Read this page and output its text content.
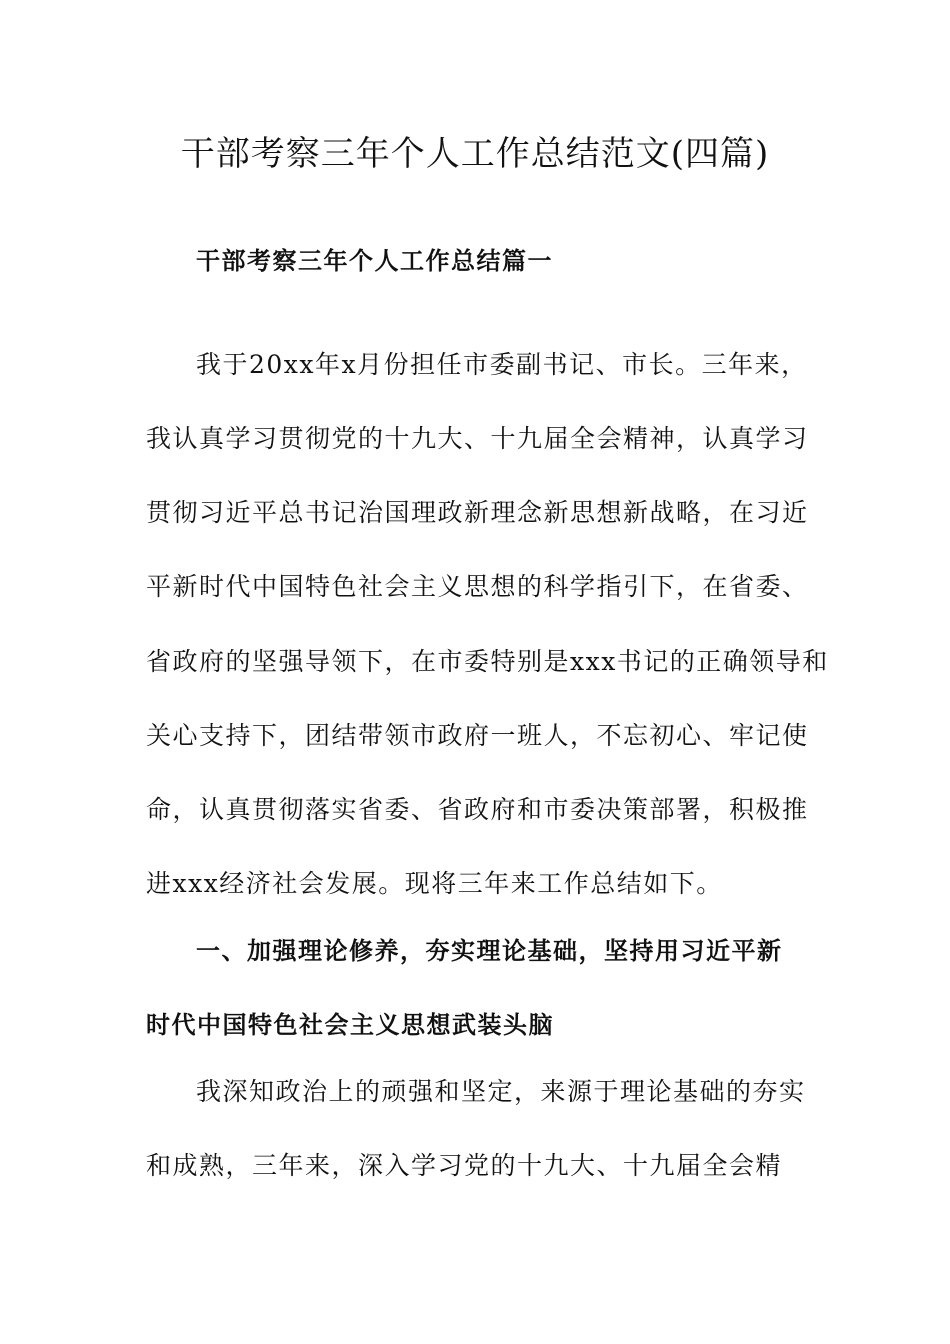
干部考察三年个人工作总结范文(四篇)
干部考察三年个人工作总结篇一
我于20xx年x月份担任市委副书记、市长。三年来，
我认真学习贯彻党的十九大、十九届全会精神，认真学习
贯彻习近平总书记治国理政新理念新思想新战略，在习近
平新时代中国特色社会主义思想的科学指引下，在省委、
省政府的坚强导领下，在市委特别是xxx书记的正确领导和
关心支持下，团结带领市政府一班人，不忘初心、牢记使
命，认真贯彻落实省委、省政府和市委决策部署，积极推
进xxx经济社会发展。现将三年来工作总结如下。
一、加强理论修养，夯实理论基础，坚持用习近平新
时代中国特色社会主义思想武装头脑
我深知政治上的顽强和坚定，来源于理论基础的夯实
和成熟，三年来，深入学习党的十九大、十九届全会精
